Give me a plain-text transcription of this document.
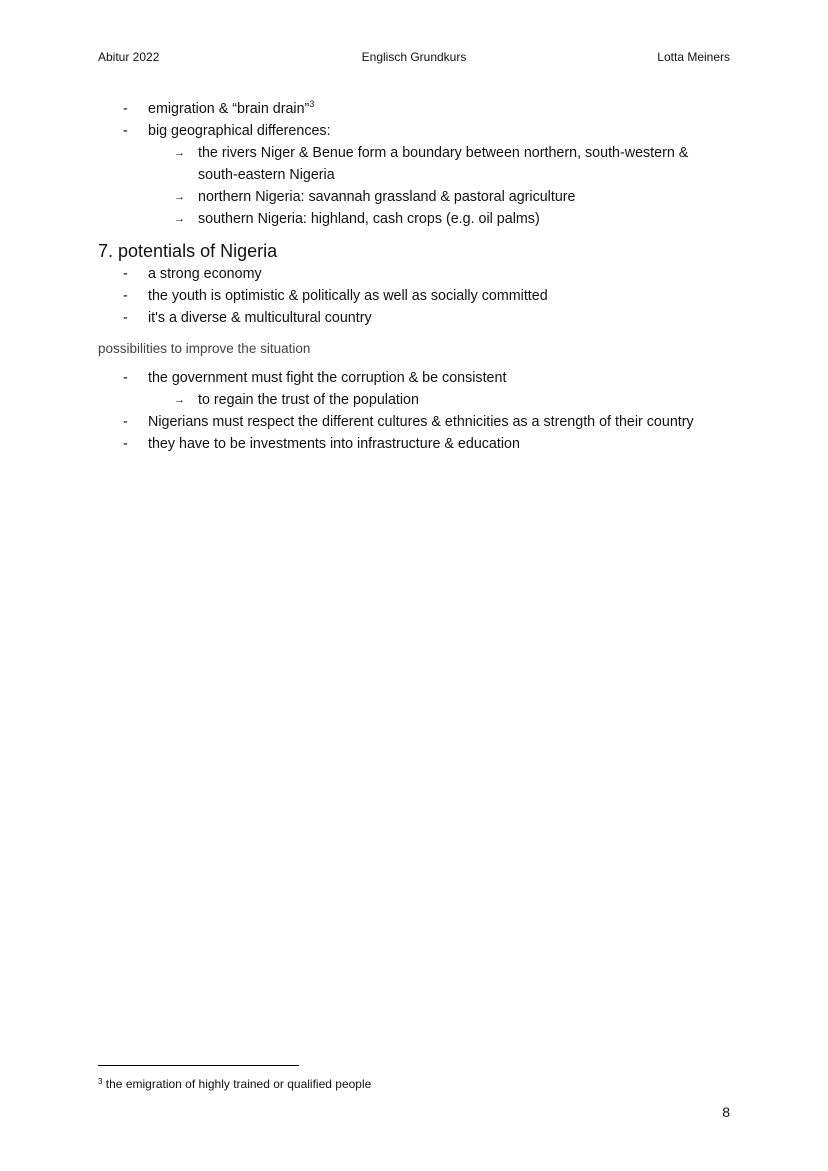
Englisch Grundkurs
Abitur 2022	Lotta Meiners
- emigration & “brain drain”$^3$
- big geographical differences:
→ the rivers Niger & Benue form a boundary between northern, south-western & south-eastern Nigeria
→ northern Nigeria: savannah grassland & pastoral agriculture
→ southern Nigeria: highland, cash crops (e.g. oil palms)
7. potentials of Nigeria
- a strong economy
- the youth is optimistic & politically as well as socially committed
- it's a diverse & multicultural country
possibilities to improve the situation
- the government must fight the corruption & be consistent
→ to regain the trust of the population
- Nigerians must respect the different cultures & ethnicities as a strength of their country
- they have to be investments into infrastructure & education
$^3$ the emigration of highly trained or qualified people
8
